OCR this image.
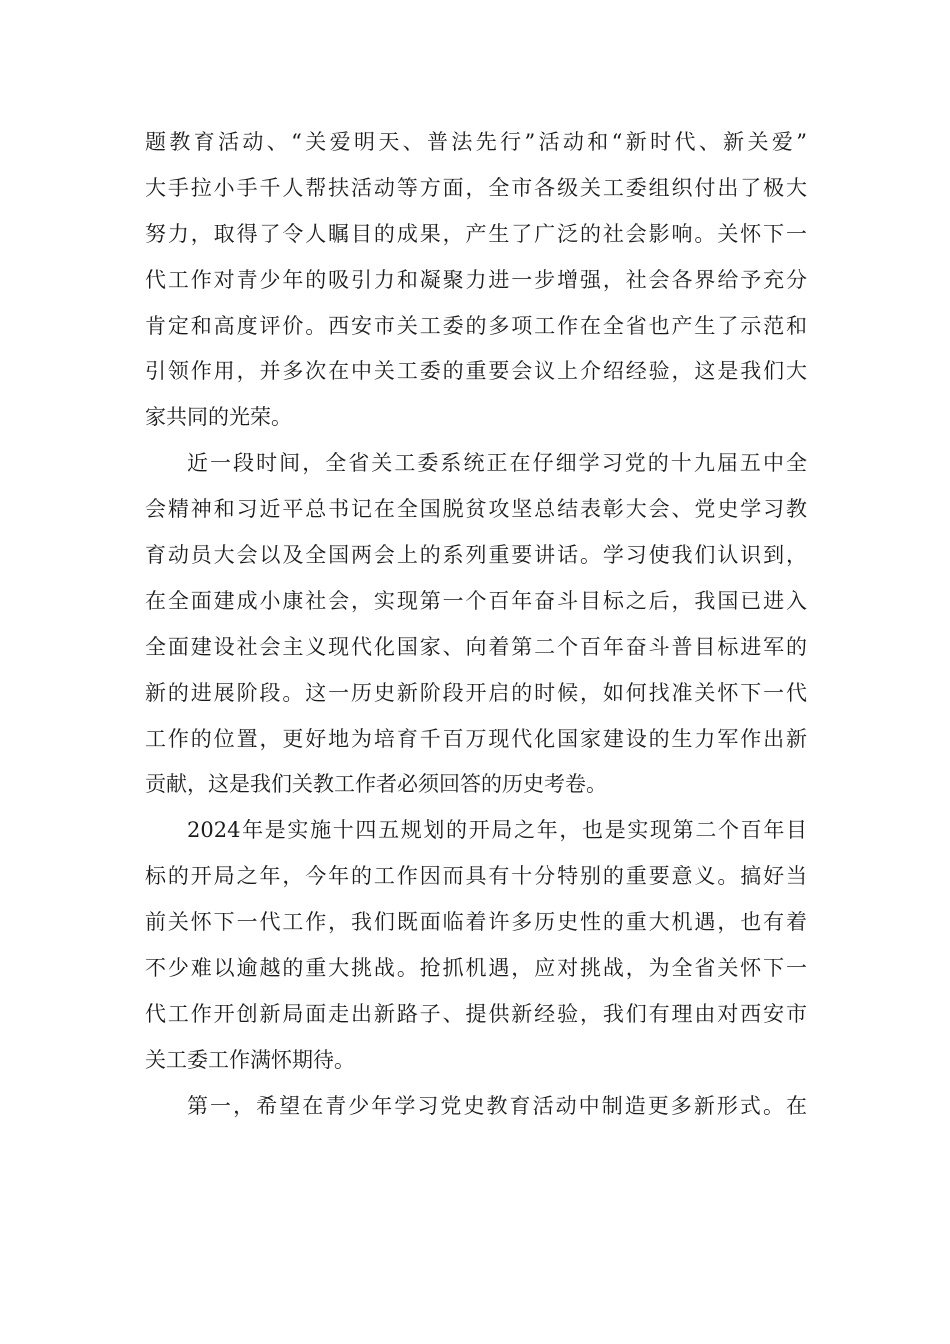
题教育活动、“关爱明天、普法先行”活动和“新时代、新关爱”
大手拉小手千人帮扶活动等方面，全市各级关工委组织付出了极大
努力，取得了令人瞩目的成果，产生了广泛的社会影响。关怀下一
代工作对青少年的吸引力和凝聚力进一步增强，社会各界给予充分
肯定和高度评价。西安市关工委的多项工作在全省也产生了示范和
引领作用，并多次在中关工委的重要会议上介绍经验，这是我们大
家共同的光荣。
近一段时间，全省关工委系统正在仔细学习党的十九届五中全
会精神和习近平总书记在全国脱贫攻坚总结表彰大会、党史学习教
育动员大会以及全国两会上的系列重要讲话。学习使我们认识到，
在全面建成小康社会，实现第一个百年奋斗目标之后，我国已进入
全面建设社会主义现代化国家、向着第二个百年奋斗普目标进军的
新的进展阶段。这一历史新阶段开启的时候，如何找准关怀下一代
工作的位置，更好地为培育千百万现代化国家建设的生力军作出新
贡献，这是我们关教工作者必须回答的历史考卷。
2024年是实施十四五规划的开局之年，也是实现第二个百年目
标的开局之年，今年的工作因而具有十分特别的重要意义。搞好当
前关怀下一代工作，我们既面临着许多历史性的重大机遇，也有着
不少难以逾越的重大挑战。抢抓机遇，应对挑战，为全省关怀下一
代工作开创新局面走出新路子、提供新经验，我们有理由对西安市
关工委工作满怀期待。
第一，希望在青少年学习党史教育活动中制造更多新形式。在
